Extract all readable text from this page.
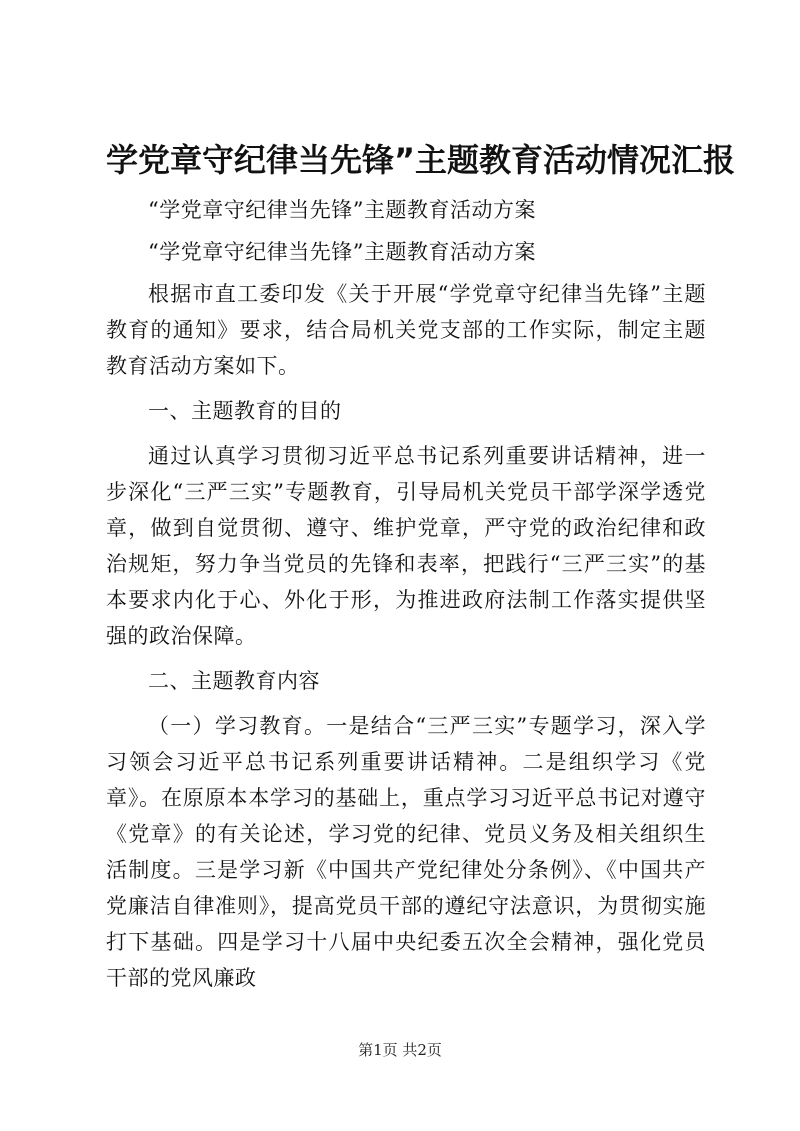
学党章守纪律当先锋”主题教育活动情况汇报

“学党章守纪律当先锋”主题教育活动方案

“学党章守纪律当先锋”主题教育活动方案

根据市直工委印发《关于开展“学党章守纪律当先锋”主题教育的通知》要求，结合局机关党支部的工作实际，制定主题教育活动方案如下。

一、主题教育的目的

通过认真学习贯彻习近平总书记系列重要讲话精神，进一步深化“三严三实”专题教育，引导局机关党员干部学深学透党章，做到自觉贯彻、遵守、维护党章，严守党的政治纪律和政治规矩，努力争当党员的先锋和表率，把践行“三严三实”的基本要求内化于心、外化于形，为推进政府法制工作落实提供坚强的政治保障。

二、主题教育内容

（一）学习教育。一是结合“三严三实”专题学习，深入学习领会习近平总书记系列重要讲话精神。二是组织学习《党章》。在原原本本学习的基础上，重点学习习近平总书记对遵守《党章》的有关论述，学习党的纪律、党员义务及相关组织生活制度。三是学习新《中国共产党纪律处分条例》、《中国共产党廉洁自律准则》，提高党员干部的遵纪守法意识，为贯彻实施打下基础。四是学习十八届中央纪委五次全会精神，强化党员干部的党风廉政

第1页 共2页
